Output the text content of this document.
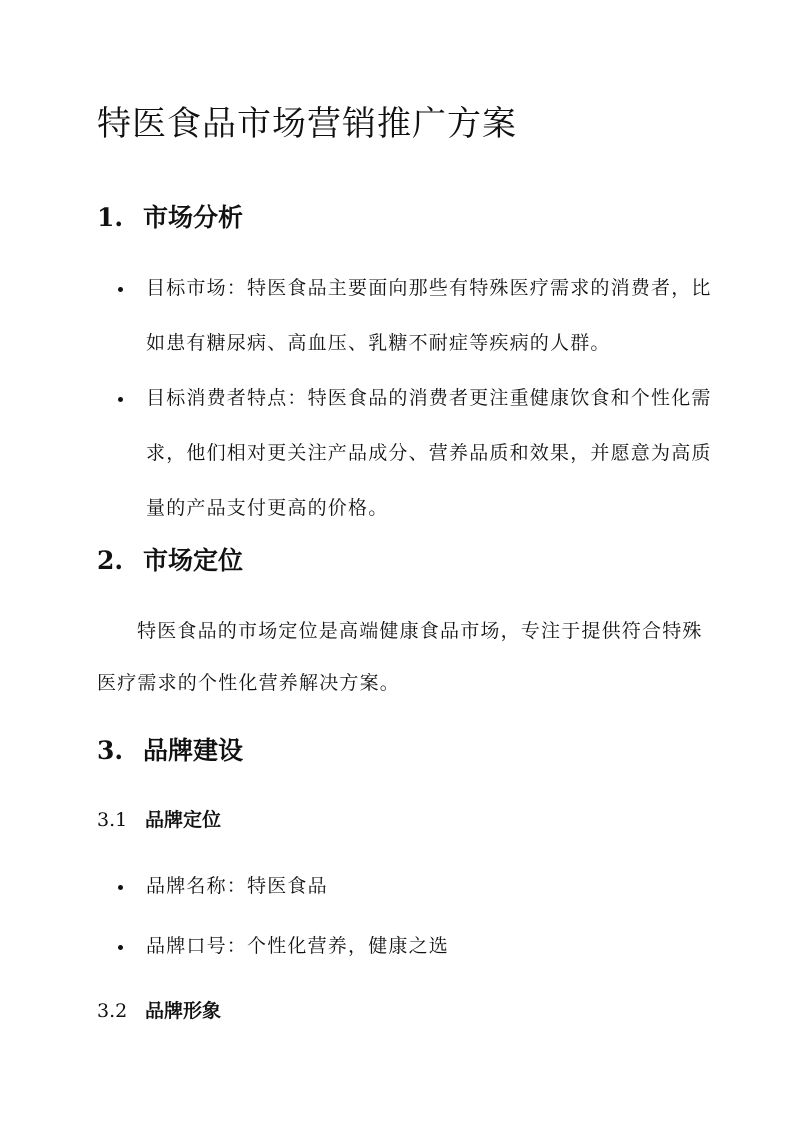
特医食品市场营销推广方案
1. 市场分析
目标市场：特医食品主要面向那些有特殊医疗需求的消费者，比如患有糖尿病、高血压、乳糖不耐症等疾病的人群。
目标消费者特点：特医食品的消费者更注重健康饮食和个性化需求，他们相对更关注产品成分、营养品质和效果，并愿意为高质量的产品支付更高的价格。
2. 市场定位

特医食品的市场定位是高端健康食品市场，专注于提供符合特殊医疗需求的个性化营养解决方案。

3. 品牌建设
3.1 品牌定位
品牌名称：特医食品
品牌口号：个性化营养，健康之选
3.2 品牌形象
